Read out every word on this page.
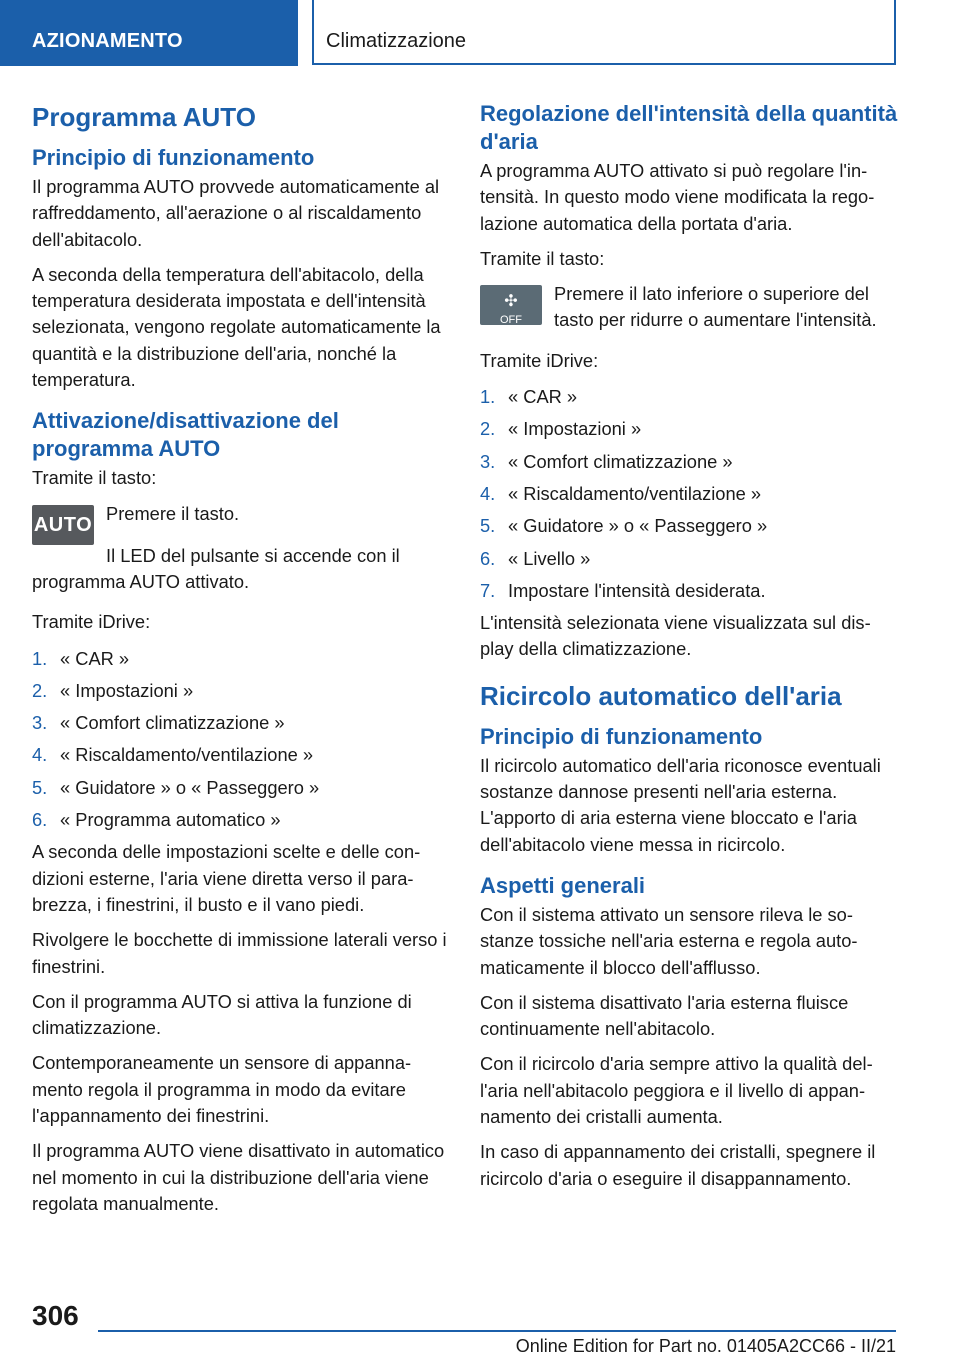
AZIONAMENTO	Climatizzazione
Programma AUTO
Principio di funzionamento

Il programma AUTO provvede automaticamente al raffreddamento, all'aerazione o al riscaldamento dell'abitacolo.

A seconda della temperatura dell'abitacolo, della temperatura desiderata impostata e dell'intensità selezionata, vengono regolate automaticamente la quantità e la distribuzione dell'aria, nonché la temperatura.

Attivazione/disattivazione del programma AUTO

Tramite il tasto:

AUTO

Premere il tasto.

Il LED del pulsante si accende con il programma AUTO attivato.

Tramite iDrive:

1. « CAR »
2. « Impostazioni »
3. « Comfort climatizzazione »
4. « Riscaldamento/ventilazione »
5. « Guidatore » o « Passeggero »
6. « Programma automatico »

A seconda delle impostazioni scelte e delle condizioni esterne, l'aria viene diretta verso il parabrezza, i finestrini, il busto e il vano piedi.

Rivolgere le bocchette di immissione laterali verso i finestrini.

Con il programma AUTO si attiva la funzione di climatizzazione.

Contemporaneamente un sensore di appannamento regola il programma in modo da evitare l'appannamento dei finestrini.

Il programma AUTO viene disattivato in automatico nel momento in cui la distribuzione dell'aria viene regolata manualmente.

Regolazione dell'intensità della quantità d'aria

A programma AUTO attivato si può regolare l'intensità. In questo modo viene modificata la regolazione automatica della portata d'aria.

Tramite il tasto:

✣
OFF
Premere il lato inferiore o superiore del tasto per ridurre o aumentare l'intensità.

Tramite iDrive:

1. « CAR »
2. « Impostazioni »
3. « Comfort climatizzazione »
4. « Riscaldamento/ventilazione »
5. « Guidatore » o « Passeggero »
6. « Livello »
7. Impostare l'intensità desiderata.

L'intensità selezionata viene visualizzata sul display della climatizzazione.

Ricircolo automatico dell'aria
Principio di funzionamento

Il ricircolo automatico dell'aria riconosce eventuali sostanze dannose presenti nell'aria esterna. L'apporto di aria esterna viene bloccato e l'aria dell'abitacolo viene messa in ricircolo.

Aspetti generali

Con il sistema attivato un sensore rileva le sostanze tossiche nell'aria esterna e regola automaticamente il blocco dell'afflusso.

Con il sistema disattivato l'aria esterna fluisce continuamente nell'abitacolo.

Con il ricircolo d'aria sempre attivo la qualità dell'aria nell'abitacolo peggiora e il livello di appannamento dei cristalli aumenta.

In caso di appannamento dei cristalli, spegnere il ricircolo d'aria o eseguire il disappannamento.

306
Online Edition for Part no. 01405A2CC66 - II/21
